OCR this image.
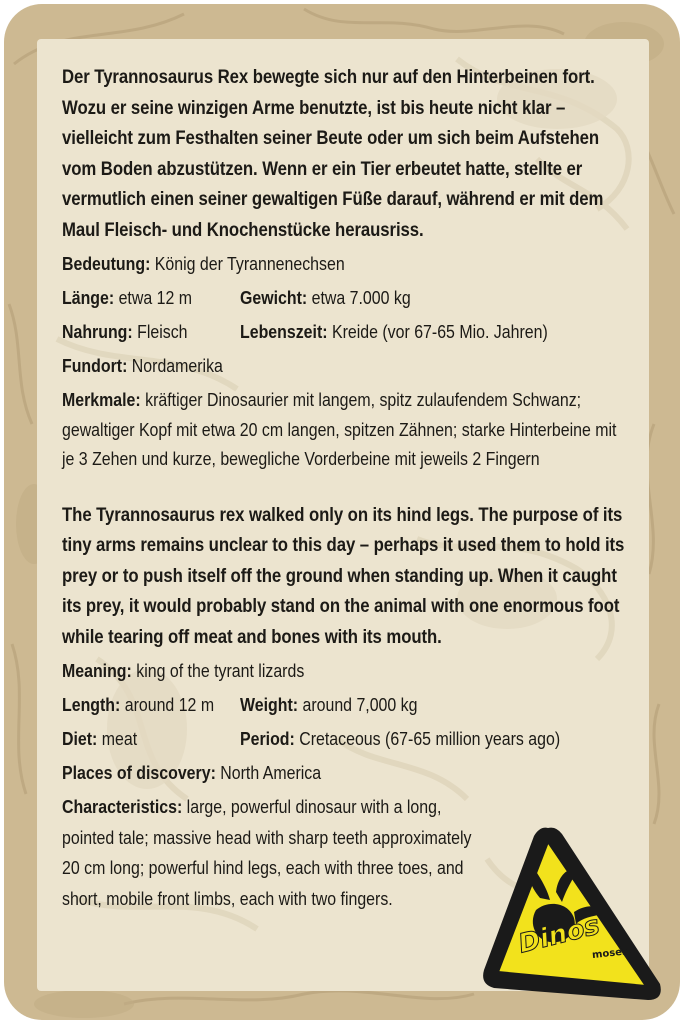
Der Tyrannosaurus Rex bewegte sich nur auf den Hinterbeinen fort. Wozu er seine winzigen Arme benutzte, ist bis heute nicht klar – vielleicht zum Festhalten seiner Beute oder um sich beim Aufstehen vom Boden abzustützen. Wenn er ein Tier erbeutet hatte, stellte er vermutlich einen seiner gewaltigen Füße darauf, während er mit dem Maul Fleisch- und Knochenstücke herausriss.

Bedeutung: König der Tyrannenechsen
Länge: etwa 12 m	Gewicht: etwa 7.000 kg
Nahrung: Fleisch	Lebenszeit: Kreide (vor 67-65 Mio. Jahren)
Fundort: Nordamerika
Merkmale: kräftiger Dinosaurier mit langem, spitz zulaufendem Schwanz; gewaltiger Kopf mit etwa 20 cm langen, spitzen Zähnen; starke Hinterbeine mit je 3 Zehen und kurze, bewegliche Vorderbeine mit jeweils 2 Fingern

The Tyrannosaurus rex walked only on its hind legs. The purpose of its tiny arms remains unclear to this day – perhaps it used them to hold its prey or to push itself off the ground when standing up. When it caught its prey, it would probably stand on the animal with one enormous foot while tearing off meat and bones with its mouth.

Meaning: king of the tyrant lizards
Length: around 12 m Weight: around 7,000 kg
Diet: meat	Period: Cretaceous (67-65 million years ago)
Places of discovery: North America
Characteristics: large, powerful dinosaur with a long, pointed tale; massive head with sharp teeth approximately 20 cm long; powerful hind legs, each with three toes, and short, mobile front limbs, each with two fingers.
Dinos
moses.
